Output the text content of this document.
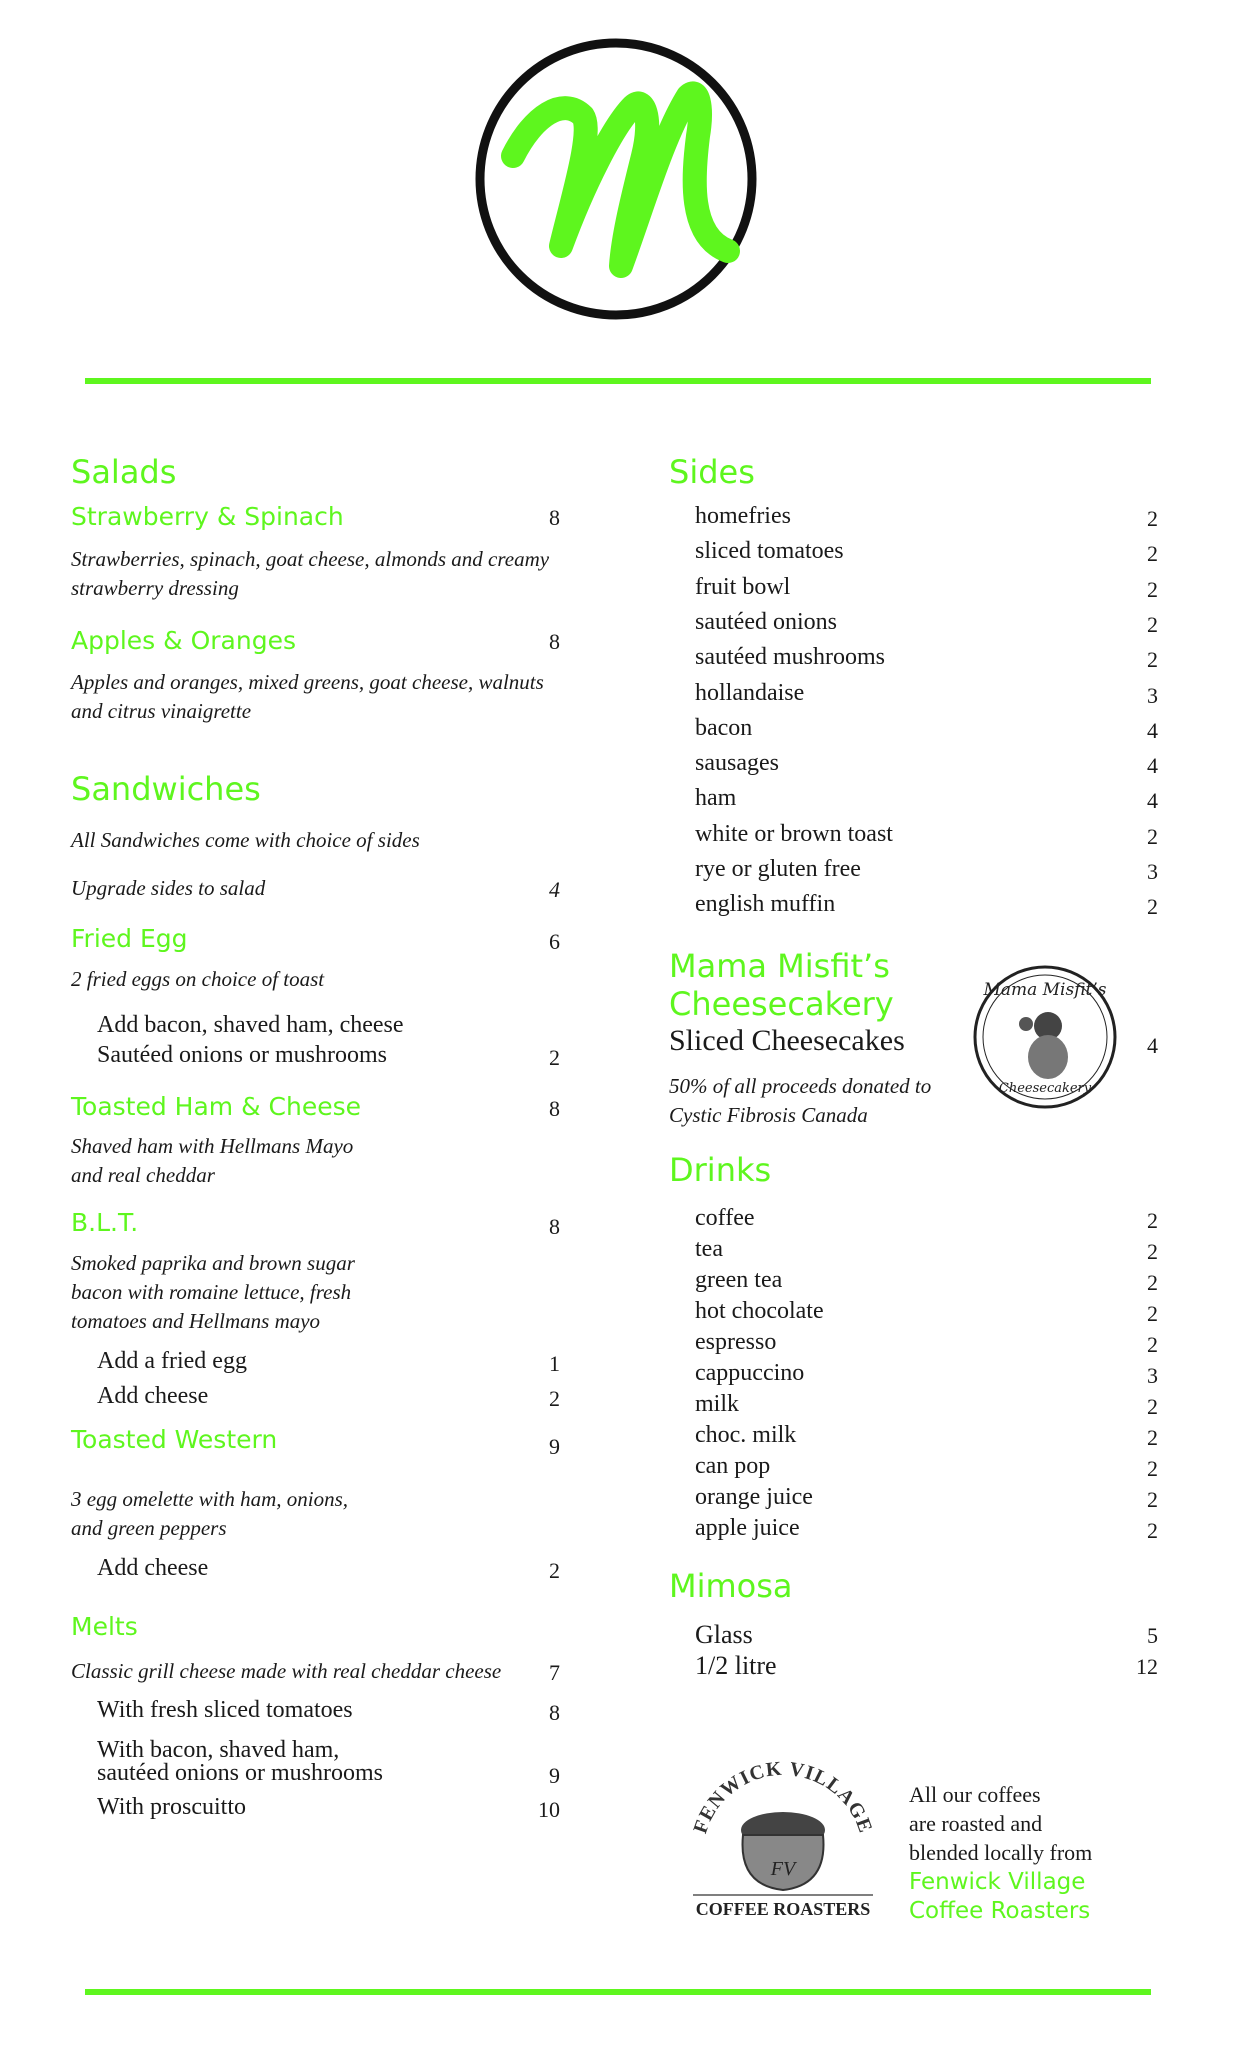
Salads
Strawberry & Spinach	8
Strawberries, spinach, goat cheese, almonds and creamy strawberry dressing
Apples & Oranges	8
Apples and oranges, mixed greens, goat cheese, walnuts and citrus vinaigrette
Sandwiches
All Sandwiches come with choice of sides
Upgrade sides to salad	4
Fried Egg	6
2 fried eggs on choice of toast
Add bacon, shaved ham, cheese
Sautéed onions or mushrooms	2
Toasted Ham & Cheese	8
Shaved ham with Hellmans Mayo
and real cheddar
B.L.T.	8
Smoked paprika and brown sugar
bacon with romaine lettuce, fresh
tomatoes and Hellmans mayo
Add a fried egg	1
Add cheese	2
Toasted Western	9
3 egg omelette with ham, onions,
and green peppers
Add cheese	2
Melts
Classic grill cheese made with real cheddar cheese	7
With fresh sliced tomatoes	8
With bacon, shaved ham,
sautéed onions or mushrooms	9
With proscuitto	10
Sides
homefries	2
sliced tomatoes	2
fruit bowl	2
sautéed onions	2
sautéed mushrooms	2
hollandaise	3
bacon	4
sausages	4
ham	4
white or brown toast	2
rye or gluten free	3
english muffin	2
Mama Misfit’s
Cheesecakery
Sliced Cheesecakes	4
50% of all proceeds donated to
Cystic Fibrosis Canada
Mama Misfit’s
Cheesecakery
Drinks
coffee	2
tea	2
green tea	2
hot chocolate	2
espresso	2
cappuccino	3
milk	2
choc. milk	2
can pop	2
orange juice	2
apple juice	2
Mimosa
Glass	5
1/2 litre	12
FENWICK VILLAGE
FV
COFFEE ROASTERS
All our coffees
are roasted and
blended locally from
Fenwick Village
Coffee Roasters
